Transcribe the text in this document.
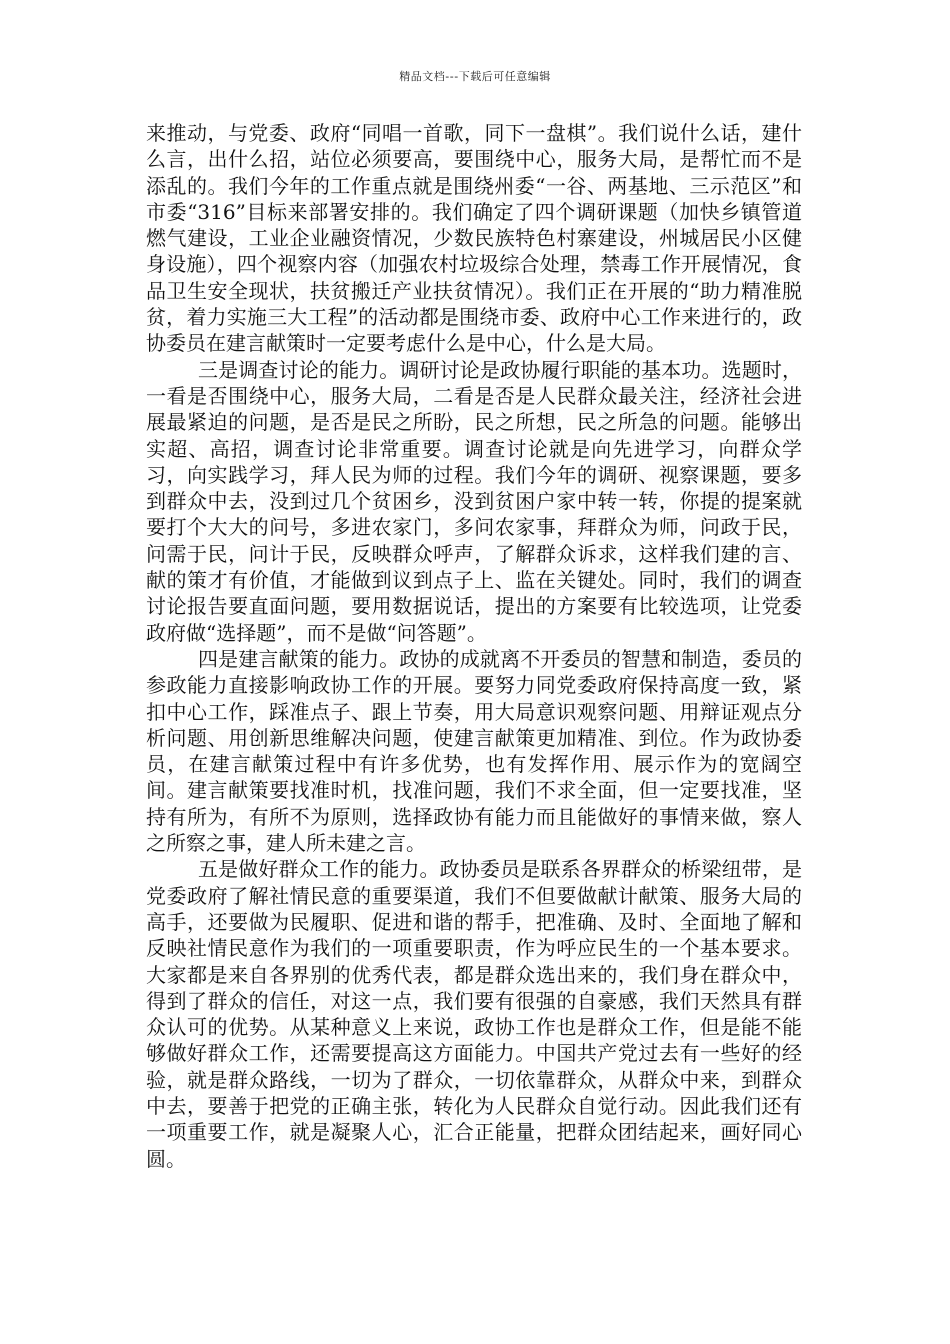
精品文档---下载后可任意编辑

来推动，与党委、政府“同唱一首歌，同下一盘棋”。我们说什么话，建什么言，出什么招，站位必须要高，要围绕中心，服务大局，是帮忙而不是添乱的。我们今年的工作重点就是围绕州委“一谷、两基地、三示范区”和市委“316”目标来部署安排的。我们确定了四个调研课题（加快乡镇管道燃气建设，工业企业融资情况，少数民族特色村寨建设，州城居民小区健身设施），四个视察内容（加强农村垃圾综合处理，禁毒工作开展情况，食品卫生安全现状，扶贫搬迁产业扶贫情况）。我们正在开展的“助力精准脱贫，着力实施三大工程”的活动都是围绕市委、政府中心工作来进行的，政协委员在建言献策时一定要考虑什么是中心，什么是大局。

三是调查讨论的能力。调研讨论是政协履行职能的基本功。选题时，一看是否围绕中心，服务大局，二看是否是人民群众最关注，经济社会进展最紧迫的问题，是否是民之所盼，民之所想，民之所急的问题。能够出实超、高招，调查讨论非常重要。调查讨论就是向先进学习，向群众学习，向实践学习，拜人民为师的过程。我们今年的调研、视察课题，要多到群众中去，没到过几个贫困乡，没到贫困户家中转一转，你提的提案就要打个大大的问号，多进农家门，多问农家事，拜群众为师，问政于民，问需于民，问计于民，反映群众呼声，了解群众诉求，这样我们建的言、献的策才有价值，才能做到议到点子上、监在关键处。同时，我们的调查讨论报告要直面问题，要用数据说话，提出的方案要有比较选项，让党委政府做“选择题”，而不是做“问答题”。

四是建言献策的能力。政协的成就离不开委员的智慧和制造，委员的参政能力直接影响政协工作的开展。要努力同党委政府保持高度一致，紧扣中心工作，踩准点子、跟上节奏，用大局意识观察问题、用辩证观点分析问题、用创新思维解决问题，使建言献策更加精准、到位。作为政协委员，在建言献策过程中有许多优势，也有发挥作用、展示作为的宽阔空间。建言献策要找准时机，找准问题，我们不求全面，但一定要找准，坚持有所为，有所不为原则，选择政协有能力而且能做好的事情来做，察人之所察之事，建人所未建之言。

五是做好群众工作的能力。政协委员是联系各界群众的桥梁纽带，是党委政府了解社情民意的重要渠道，我们不但要做献计献策、服务大局的高手，还要做为民履职、促进和谐的帮手，把准确、及时、全面地了解和反映社情民意作为我们的一项重要职责，作为呼应民生的一个基本要求。大家都是来自各界别的优秀代表，都是群众选出来的，我们身在群众中，得到了群众的信任，对这一点，我们要有很强的自豪感，我们天然具有群众认可的优势。从某种意义上来说，政协工作也是群众工作，但是能不能够做好群众工作，还需要提高这方面能力。中国共产党过去有一些好的经验，就是群众路线，一切为了群众，一切依靠群众，从群众中来，到群众中去，要善于把党的正确主张，转化为人民群众自觉行动。因此我们还有一项重要工作，就是凝聚人心，汇合正能量，把群众团结起来，画好同心圆。
